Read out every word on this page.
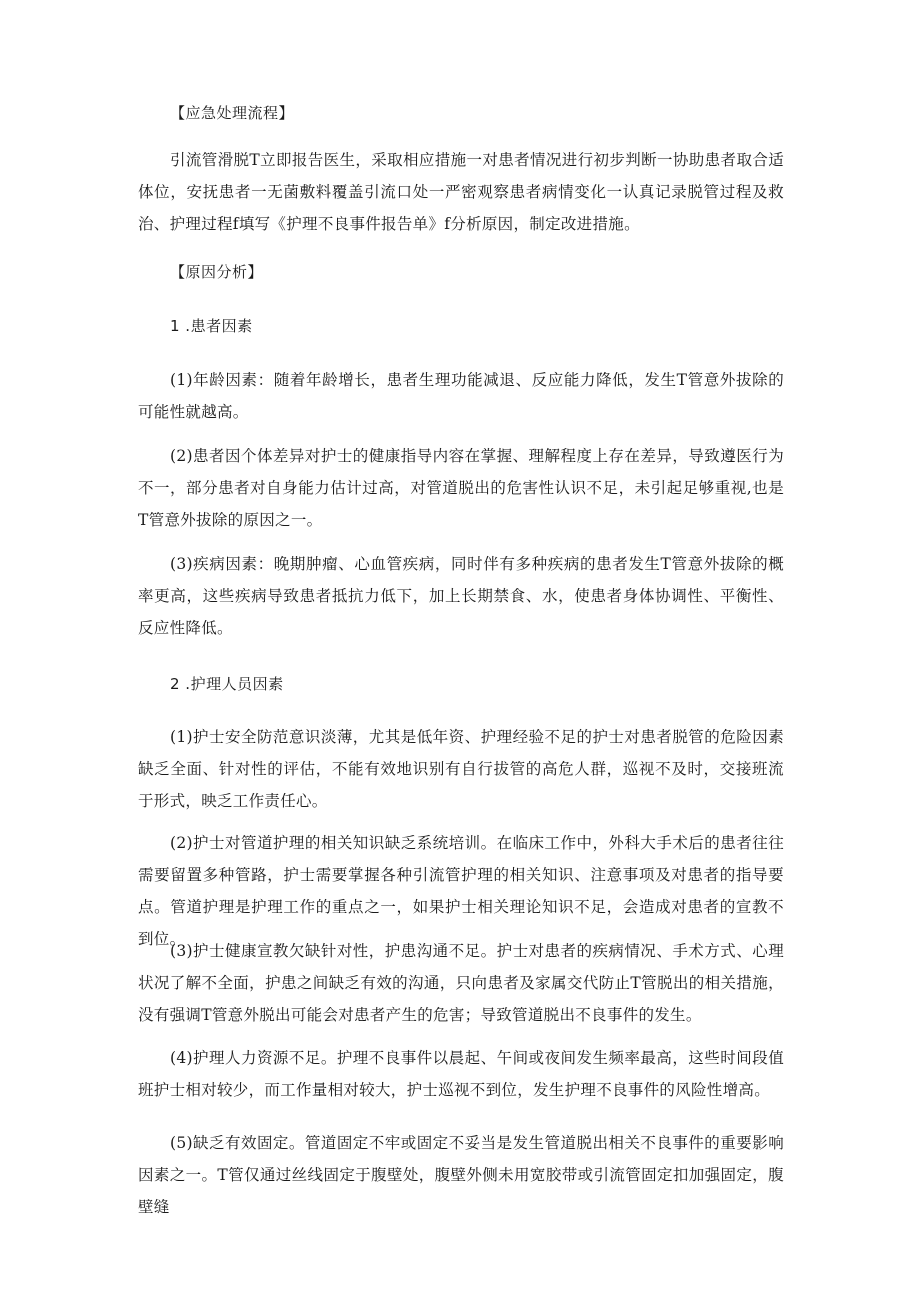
【应急处理流程】
引流管滑脱T立即报告医生，采取相应措施一对患者情况进行初步判断一协助患者取合适体位，安抚患者一无菌敷料覆盖引流口处一严密观察患者病情变化一认真记录脱管过程及救治、护理过程f填写《护理不良事件报告单》f分析原因，制定改进措施。
【原因分析】
1 .患者因素
(1)年龄因素：随着年龄增长，患者生理功能减退、反应能力降低，发生T管意外拔除的可能性就越高。
(2)患者因个体差异对护士的健康指导内容在掌握、理解程度上存在差异，导致遵医行为不一，部分患者对自身能力估计过高，对管道脱出的危害性认识不足，未引起足够重视,也是T管意外拔除的原因之一。
(3)疾病因素：晚期肿瘤、心血管疾病，同时伴有多种疾病的患者发生T管意外拔除的概率更高，这些疾病导致患者抵抗力低下，加上长期禁食、水，使患者身体协调性、平衡性、反应性降低。
2 .护理人员因素
(1)护士安全防范意识淡薄，尤其是低年资、护理经验不足的护士对患者脱管的危险因素缺乏全面、针对性的评估，不能有效地识别有自行拔管的高危人群，巡视不及时，交接班流于形式，映乏工作责任心。
(2)护士对管道护理的相关知识缺乏系统培训。在临床工作中，外科大手术后的患者往往需要留置多种管路，护士需要掌握各种引流管护理的相关知识、注意事项及对患者的指导要点。管道护理是护理工作的重点之一，如果护士相关理论知识不足，会造成对患者的宣教不到位。
(3)护士健康宣教欠缺针对性，护患沟通不足。护士对患者的疾病情况、手术方式、心理状况了解不全面，护患之间缺乏有效的沟通，只向患者及家属交代防止T管脱出的相关措施，没有强调T管意外脱出可能会对患者产生的危害；导致管道脱出不良事件的发生。
(4)护理人力资源不足。护理不良事件以晨起、午间或夜间发生频率最高，这些时间段值班护士相对较少，而工作量相对较大，护士巡视不到位，发生护理不良事件的风险性增高。
(5)缺乏有效固定。管道固定不牢或固定不妥当是发生管道脱出相关不良事件的重要影响因素之一。T管仅通过丝线固定于腹壁处，腹壁外侧未用宽胶带或引流管固定扣加强固定，腹壁缝
